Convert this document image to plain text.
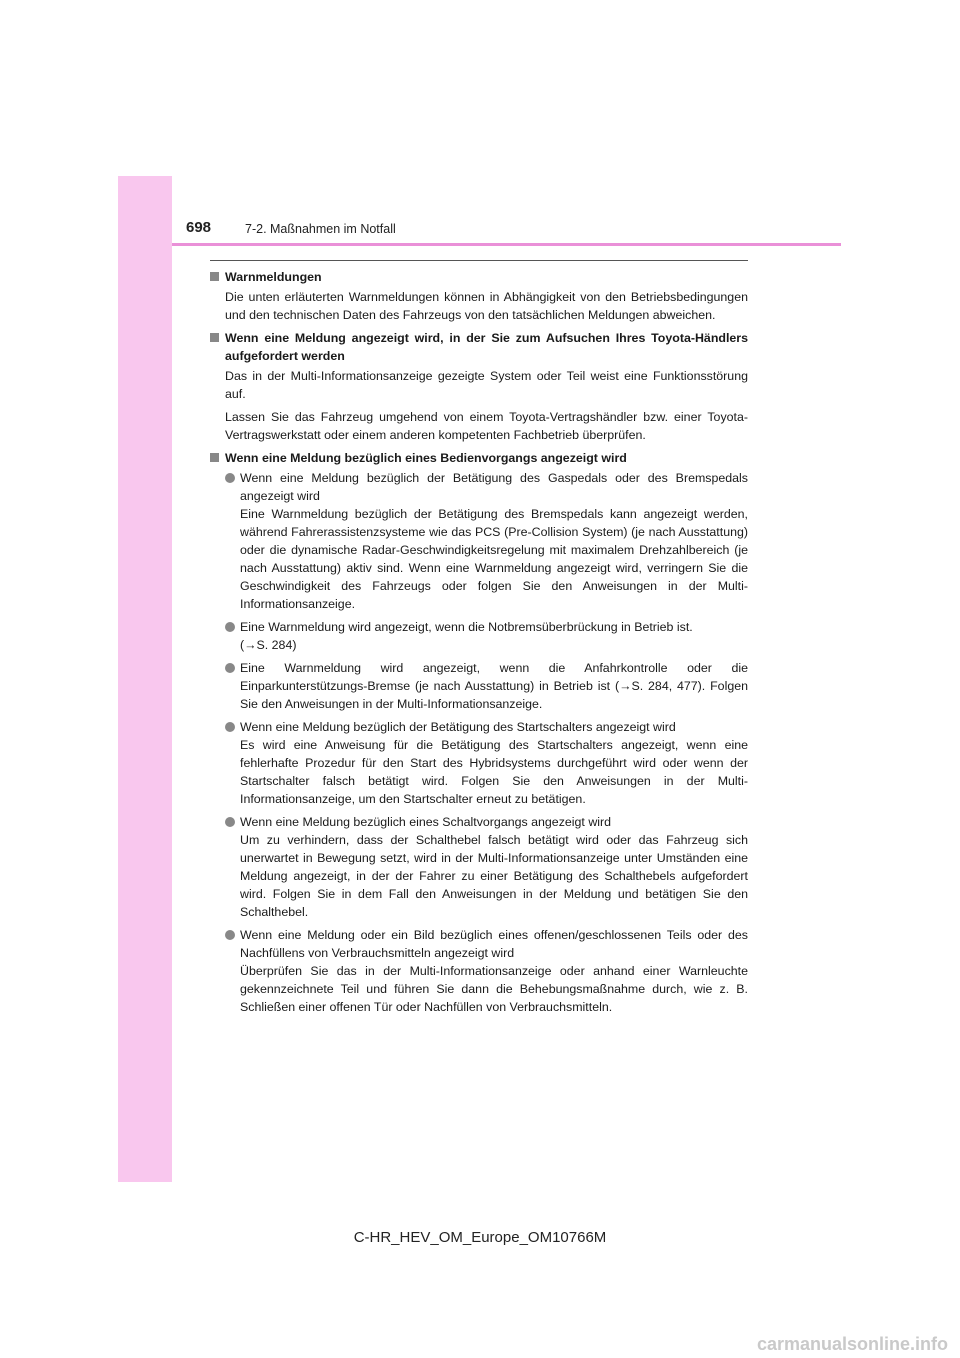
698	7-2. Maßnahmen im Notfall
Warnmeldungen
Die unten erläuterten Warnmeldungen können in Abhängigkeit von den Betriebsbedingungen und den technischen Daten des Fahrzeugs von den tatsächlichen Meldungen abweichen.
Wenn eine Meldung angezeigt wird, in der Sie zum Aufsuchen Ihres Toyota-Händlers aufgefordert werden
Das in der Multi-Informationsanzeige gezeigte System oder Teil weist eine Funktionsstörung auf.
Lassen Sie das Fahrzeug umgehend von einem Toyota-Vertragshändler bzw. einer Toyota-Vertragswerkstatt oder einem anderen kompetenten Fachbetrieb überprüfen.
Wenn eine Meldung bezüglich eines Bedienvorgangs angezeigt wird
Wenn eine Meldung bezüglich der Betätigung des Gaspedals oder des Bremspedals angezeigt wird
Eine Warnmeldung bezüglich der Betätigung des Bremspedals kann angezeigt werden, während Fahrerassistenzsysteme wie das PCS (Pre-Collision System) (je nach Ausstattung) oder die dynamische Radar-Geschwindigkeitsregelung mit maximalem Drehzahlbereich (je nach Ausstattung) aktiv sind. Wenn eine Warnmeldung angezeigt wird, verringern Sie die Geschwindigkeit des Fahrzeugs oder folgen Sie den Anweisungen in der Multi-Informationsanzeige.
Eine Warnmeldung wird angezeigt, wenn die Notbremsüberbrückung in Betrieb ist.
(→S. 284)
Eine Warnmeldung wird angezeigt, wenn die Anfahrkontrolle oder die Einparkunterstützungs-Bremse (je nach Ausstattung) in Betrieb ist (→S. 284, 477). Folgen Sie den Anweisungen in der Multi-Informationsanzeige.
Wenn eine Meldung bezüglich der Betätigung des Startschalters angezeigt wird
Es wird eine Anweisung für die Betätigung des Startschalters angezeigt, wenn eine fehlerhafte Prozedur für den Start des Hybridsystems durchgeführt wird oder wenn der Startschalter falsch betätigt wird. Folgen Sie den Anweisungen in der Multi-Informationsanzeige, um den Startschalter erneut zu betätigen.
Wenn eine Meldung bezüglich eines Schaltvorgangs angezeigt wird
Um zu verhindern, dass der Schalthebel falsch betätigt wird oder das Fahrzeug sich unerwartet in Bewegung setzt, wird in der Multi-Informationsanzeige unter Umständen eine Meldung angezeigt, in der der Fahrer zu einer Betätigung des Schalthebels aufgefordert wird. Folgen Sie in dem Fall den Anweisungen in der Meldung und betätigen Sie den Schalthebel.
Wenn eine Meldung oder ein Bild bezüglich eines offenen/geschlossenen Teils oder des Nachfüllens von Verbrauchsmitteln angezeigt wird
Überprüfen Sie das in der Multi-Informationsanzeige oder anhand einer Warnleuchte gekennzeichnete Teil und führen Sie dann die Behebungsmaßnahme durch, wie z. B. Schließen einer offenen Tür oder Nachfüllen von Verbrauchsmitteln.
C-HR_HEV_OM_Europe_OM10766M
carmanualsonline.info
